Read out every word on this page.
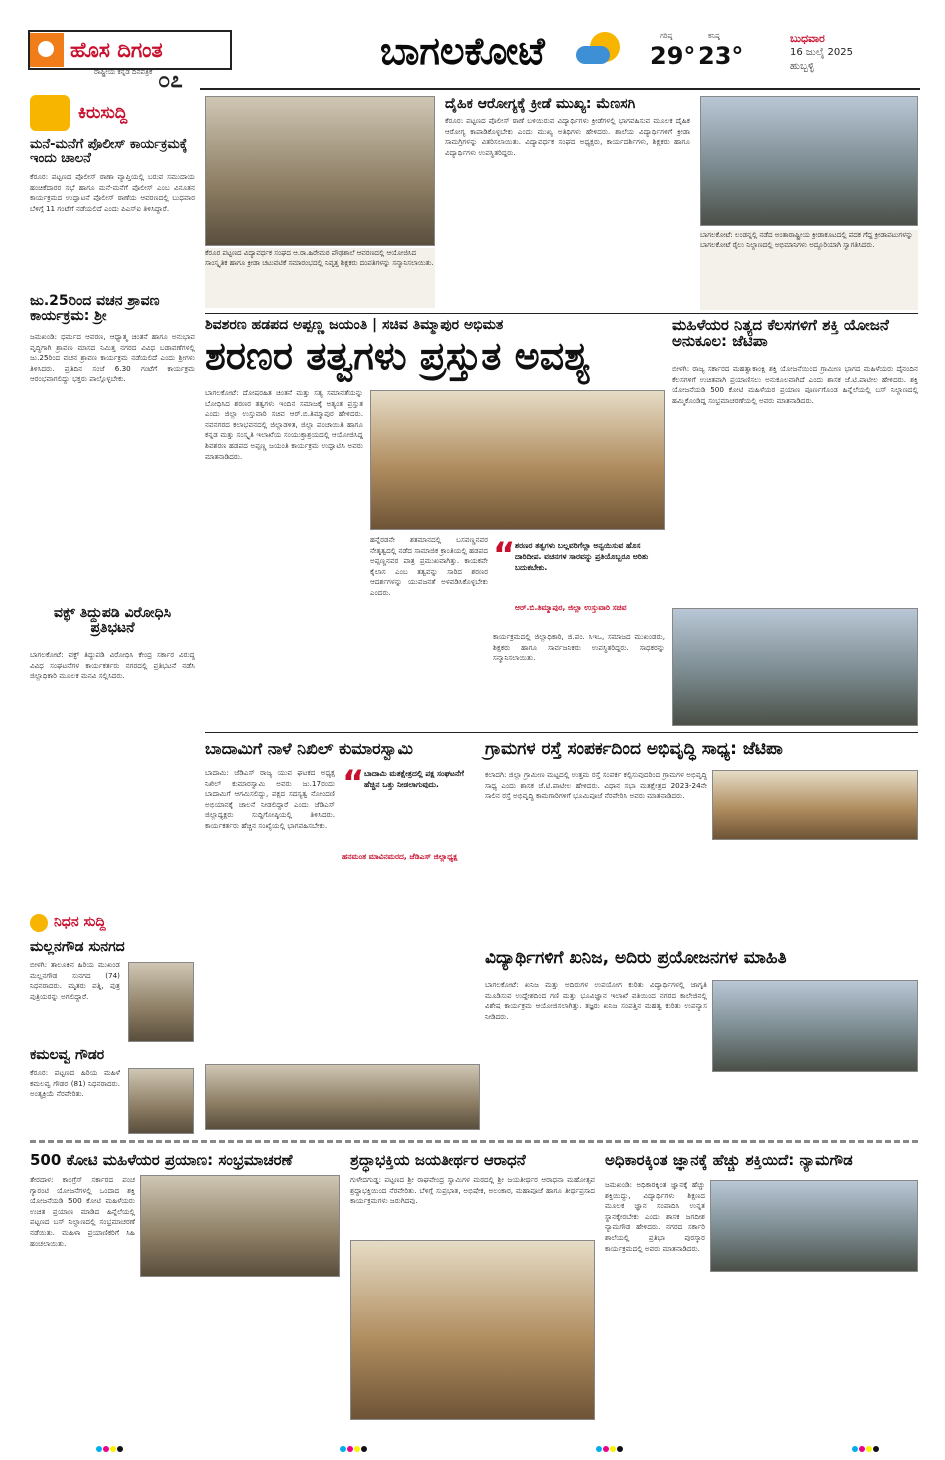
ಹೊಸ ದಿಗಂತ
ರಾಷ್ಟ್ರೀಯ ಕನ್ನಡ ದಿನಪತ್ರಿಕೆ ೦೭
ಬಾಗಲಕೋಟೆ	ಗರಿಷ್ಠ
29°
ಕನಿಷ್ಠ
23°
ಬುಧವಾರ
16 ಜುಲೈ 2025
ಹುಬ್ಬಳ್ಳಿ
ಕಿರುಸುದ್ದಿ
ಮನೆ-ಮನೆಗೆ ಪೊಲೀಸ್ ಕಾರ್ಯಕ್ರಮಕ್ಕೆ ಇಂದು ಚಾಲನೆ
ಕೆರೂರ: ಪಟ್ಟಣದ ಪೊಲೀಸ್ ಠಾಣಾ ವ್ಯಾಪ್ತಿಯಲ್ಲಿ ಬರುವ ಸಮುದಾಯ ಹಂಚಿಕೆದಾರರ ಸಭೆ ಹಾಗೂ ಮನೆ-ಮನೆಗೆ ಪೊಲೀಸ್ ಎಂಬ ವಿನೂತನ ಕಾರ್ಯಕ್ರಮದ ಉದ್ಘಾಟನೆ ಪೊಲೀಸ್ ಠಾಣೆಯ ಆವರಣದಲ್ಲಿ ಬುಧವಾರ ಬೆಳಿಗ್ಗೆ 11 ಗಂಟೆಗೆ ನಡೆಯಲಿದೆ ಎಂದು ಪಿಎಸ್ಐ ತಿಳಿಸಿದ್ದಾರೆ.
ಜು.25ರಿಂದ ವಚನ ಶ್ರಾವಣ ಕಾರ್ಯಕ್ರಮ: ಶ್ರೀ
ಜಮಖಂಡಿ: ಧರ್ಮದ ಆವರಣ, ಆಧ್ಯಾತ್ಮ ಚಿಂತನೆ ಹಾಗೂ ಅನುಭಾವ ವೃದ್ಧಿಗಾಗಿ ಶ್ರಾವಣ ಮಾಸದ ನಿಮಿತ್ತ ನಗರದ ವಿವಿಧ ಬಡಾವಣೆಗಳಲ್ಲಿ ಜು.25ರಿಂದ ವಚನ ಶ್ರಾವಣ ಕಾರ್ಯಕ್ರಮ ನಡೆಯಲಿದೆ ಎಂದು ಶ್ರೀಗಳು ತಿಳಿಸಿದರು. ಪ್ರತಿದಿನ ಸಂಜೆ 6.30 ಗಂಟೆಗೆ ಕಾರ್ಯಕ್ರಮ ಆರಂಭವಾಗಲಿದ್ದು ಭಕ್ತರು ಪಾಲ್ಗೊಳ್ಳಬೇಕು.
ವಕ್ಫ್ ತಿದ್ದುಪಡಿ ವಿರೋಧಿಸಿ ಪ್ರತಿಭಟನೆ
ಬಾಗಲಕೋಟೆ: ವಕ್ಫ್ ತಿದ್ದುಪಡಿ ವಿರೋಧಿಸಿ ಕೇಂದ್ರ ಸರ್ಕಾರ ವಿರುದ್ಧ ವಿವಿಧ ಸಂಘಟನೆಗಳ ಕಾರ್ಯಕರ್ತರು ನಗರದಲ್ಲಿ ಪ್ರತಿಭಟನೆ ನಡೆಸಿ ಜಿಲ್ಲಾಧಿಕಾರಿ ಮೂಲಕ ಮನವಿ ಸಲ್ಲಿಸಿದರು.
ನಿಧನ ಸುದ್ದಿ
ಮಲ್ಲನಗೌಡ ಸುನಗದ
ಬೀಳಗಿ: ತಾಲೂಕಿನ ಹಿರಿಯ ಮುಖಂಡ ಮಲ್ಲನಗೌಡ ಸುನಗದ (74) ನಿಧನರಾದರು. ಮೃತರು ಪತ್ನಿ, ಪುತ್ರ ಪುತ್ರಿಯರನ್ನು ಅಗಲಿದ್ದಾರೆ.
ಕಮಲವ್ವ ಗೌಡರ
ಕೆರೂರ: ಪಟ್ಟಣದ ಹಿರಿಯ ಮಹಿಳೆ ಕಮಲವ್ವ ಗೌಡರ (81) ನಿಧನರಾದರು. ಅಂತ್ಯಕ್ರಿಯೆ ನೆರವೇರಿತು.
ಕೆರೂರ ಪಟ್ಟಣದ ವಿದ್ಯಾವರ್ಧಕ ಸಂಘದ ಆ.ರಾ.ಹಿರೇಮಠ ಪೌಢಶಾಲೆ ಆವರಣದಲ್ಲಿ ಆಯೋಜಿಸಿದ ಸಾಂಸ್ಕೃತಿಕ ಹಾಗೂ ಕ್ರೀಡಾ ಚಟುವಟಿಕೆ ಸಮಾರಂಭದಲ್ಲಿ ನಿವೃತ್ತ ಶಿಕ್ಷಕರು ದಂಪತಿಗಳನ್ನು ಸನ್ಮಾನಿಸಲಾಯಿತು.
ದೈಹಿಕ ಆರೋಗ್ಯಕ್ಕೆ ಕ್ರೀಡೆ ಮುಖ್ಯ: ಮೆಣಸಗಿ
ಕೆರೂರ: ಪಟ್ಟಣದ ಪೊಲೀಸ್ ಠಾಣೆ ಬಳಿಯಿರುವ ವಿದ್ಯಾರ್ಥಿಗಳು ಕ್ರೀಡೆಗಳಲ್ಲಿ ಭಾಗವಹಿಸುವ ಮೂಲಕ ದೈಹಿಕ ಆರೋಗ್ಯ ಕಾಪಾಡಿಕೊಳ್ಳಬೇಕು ಎಂದು ಮುಖ್ಯ ಅತಿಥಿಗಳು ಹೇಳಿದರು. ಶಾಲೆಯ ವಿದ್ಯಾರ್ಥಿಗಳಿಗೆ ಕ್ರೀಡಾ ಸಾಮಗ್ರಿಗಳನ್ನು ವಿತರಿಸಲಾಯಿತು. ವಿದ್ಯಾವರ್ಧಕ ಸಂಘದ ಅಧ್ಯಕ್ಷರು, ಕಾರ್ಯದರ್ಶಿಗಳು, ಶಿಕ್ಷಕರು ಹಾಗೂ ವಿದ್ಯಾರ್ಥಿಗಳು ಉಪಸ್ಥಿತರಿದ್ದರು.
ಬಾಗಲಕೋಟೆ: ಲಂಡನ್ನಲ್ಲಿ ನಡೆದ ಅಂತಾರಾಷ್ಟ್ರೀಯ ಕ್ರೀಡಾಕೂಟದಲ್ಲಿ ಪದಕ ಗೆದ್ದ ಕ್ರೀಡಾಪಟುಗಳನ್ನು ಬಾಗಲಕೋಟೆ ರೈಲು ನಿಲ್ದಾಣದಲ್ಲಿ ಅಭಿಮಾನಿಗಳು ಅದ್ದೂರಿಯಾಗಿ ಸ್ವಾಗತಿಸಿದರು.
ಶಿವಶರಣ ಹಡಪದ ಅಪ್ಪಣ್ಣ ಜಯಂತಿ | ಸಚಿವ ತಿಮ್ಮಾಪುರ ಅಭಿಮತ
ಶರಣರ ತತ್ವಗಳು ಪ್ರಸ್ತುತ ಅವಶ್ಯ
ಬಾಗಲಕೋಟೆ: ದೋಷರಹಿತ ಚಿಂತನೆ ಮತ್ತು ಸತ್ಯ ಸಮಾನತೆಯನ್ನು ಬೋಧಿಸಿದ ಶರಣರ ತತ್ವಗಳು ಇಂದಿನ ಸಮಾಜಕ್ಕೆ ಅತ್ಯಂತ ಪ್ರಸ್ತುತ ಎಂದು ಜಿಲ್ಲಾ ಉಸ್ತುವಾರಿ ಸಚಿವ ಆರ್.ಬಿ.ತಿಮ್ಮಾಪುರ ಹೇಳಿದರು. ನವನಗರದ ಕಲಾಭವನದಲ್ಲಿ ಜಿಲ್ಲಾಡಳಿತ, ಜಿಲ್ಲಾ ಪಂಚಾಯಿತಿ ಹಾಗೂ ಕನ್ನಡ ಮತ್ತು ಸಂಸ್ಕೃತಿ ಇಲಾಖೆಯ ಸಂಯುಕ್ತಾಶ್ರಯದಲ್ಲಿ ಆಯೋಜಿಸಿದ್ದ ಶಿವಶರಣ ಹಡಪದ ಅಪ್ಪಣ್ಣ ಜಯಂತಿ ಕಾರ್ಯಕ್ರಮ ಉದ್ಘಾಟಿಸಿ ಅವರು ಮಾತನಾಡಿದರು.
ಹನ್ನೆರಡನೇ ಶತಮಾನದಲ್ಲಿ ಬಸವಣ್ಣನವರ ನೇತೃತ್ವದಲ್ಲಿ ನಡೆದ ಸಾಮಾಜಿಕ ಕ್ರಾಂತಿಯಲ್ಲಿ ಹಡಪದ ಅಪ್ಪಣ್ಣನವರ ಪಾತ್ರ ಪ್ರಮುಖವಾಗಿತ್ತು. ಕಾಯಕವೇ ಕೈಲಾಸ ಎಂಬ ತತ್ವವನ್ನು ಸಾರಿದ ಶರಣರ ಆದರ್ಶಗಳನ್ನು ಯುವಜನತೆ ಅಳವಡಿಸಿಕೊಳ್ಳಬೇಕು ಎಂದರು.
“ ಶರಣರ ತತ್ವಗಳು ಬಲ್ಲವರಿಗೆಲ್ಲಾ ಅನ್ವಯಿಸುವ ಹೊಸ ದಾರಿದೀಪ. ವಚನಗಳ ಸಾರವನ್ನು ಪ್ರತಿಯೊಬ್ಬರೂ ಅರಿತು ಬದುಕಬೇಕು.
ಆರ್.ಬಿ.ತಿಮ್ಮಾಪುರ, ಜಿಲ್ಲಾ ಉಸ್ತುವಾರಿ ಸಚಿವ
ಕಾರ್ಯಕ್ರಮದಲ್ಲಿ ಜಿಲ್ಲಾಧಿಕಾರಿ, ಜಿ.ಪಂ. ಸಿಇಒ, ಸಮಾಜದ ಮುಖಂಡರು, ಶಿಕ್ಷಕರು ಹಾಗೂ ಸಾರ್ವಜನಿಕರು ಉಪಸ್ಥಿತರಿದ್ದರು. ಸಾಧಕರನ್ನು ಸನ್ಮಾನಿಸಲಾಯಿತು.
ಮಹಿಳೆಯರ ನಿತ್ಯದ ಕೆಲಸಗಳಿಗೆ ಶಕ್ತಿ ಯೋಜನೆ ಅನುಕೂಲ: ಜೆಟಿಪಾ
ಬೀಳಗಿ: ರಾಜ್ಯ ಸರ್ಕಾರದ ಮಹತ್ವಾಕಾಂಕ್ಷಿ ಶಕ್ತಿ ಯೋಜನೆಯಿಂದ ಗ್ರಾಮೀಣ ಭಾಗದ ಮಹಿಳೆಯರು ದೈನಂದಿನ ಕೆಲಸಗಳಿಗೆ ಉಚಿತವಾಗಿ ಪ್ರಯಾಣಿಸಲು ಅನುಕೂಲವಾಗಿದೆ ಎಂದು ಶಾಸಕ ಜೆ.ಟಿ.ಪಾಟೀಲ ಹೇಳಿದರು. ಶಕ್ತಿ ಯೋಜನೆಯಡಿ 500 ಕೋಟಿ ಮಹಿಳೆಯರ ಪ್ರಯಾಣ ಪೂರ್ಣಗೊಂಡ ಹಿನ್ನೆಲೆಯಲ್ಲಿ ಬಸ್ ನಿಲ್ದಾಣದಲ್ಲಿ ಹಮ್ಮಿಕೊಂಡಿದ್ದ ಸಂಭ್ರಮಾಚರಣೆಯಲ್ಲಿ ಅವರು ಮಾತನಾಡಿದರು.
ಬಾದಾಮಿಗೆ ನಾಳೆ ನಿಖಿಲ್ ಕುಮಾರಸ್ವಾಮಿ
ಬಾದಾಮಿ: ಜೆಡಿಎಸ್ ರಾಜ್ಯ ಯುವ ಘಟಕದ ಅಧ್ಯಕ್ಷ ನಿಖಿಲ್ ಕುಮಾರಸ್ವಾಮಿ ಅವರು ಜು.17ರಂದು ಬಾದಾಮಿಗೆ ಆಗಮಿಸಲಿದ್ದು, ಪಕ್ಷದ ಸದಸ್ಯತ್ವ ನೋಂದಣಿ ಅಭಿಯಾನಕ್ಕೆ ಚಾಲನೆ ನೀಡಲಿದ್ದಾರೆ ಎಂದು ಜೆಡಿಎಸ್ ಜಿಲ್ಲಾಧ್ಯಕ್ಷರು ಸುದ್ದಿಗೋಷ್ಠಿಯಲ್ಲಿ ತಿಳಿಸಿದರು. ಕಾರ್ಯಕರ್ತರು ಹೆಚ್ಚಿನ ಸಂಖ್ಯೆಯಲ್ಲಿ ಭಾಗವಹಿಸಬೇಕು.
“ ಬಾದಾಮಿ ಮತಕ್ಷೇತ್ರದಲ್ಲಿ ಪಕ್ಷ ಸಂಘಟನೆಗೆ ಹೆಚ್ಚಿನ ಒತ್ತು ನೀಡಲಾಗುವುದು.
ಹನಮಂತ ಮಾವಿನಮರದ, ಜೆಡಿಎಸ್ ಜಿಲ್ಲಾಧ್ಯಕ್ಷ
ಗ್ರಾಮಗಳ ರಸ್ತೆ ಸಂಪರ್ಕದಿಂದ ಅಭಿವೃದ್ಧಿ ಸಾಧ್ಯ: ಜೆಟಿಪಾ
ಕಲಾದಗಿ: ಜಿಲ್ಲಾ ಗ್ರಾಮೀಣ ಮಟ್ಟದಲ್ಲಿ ಉತ್ತಮ ರಸ್ತೆ ಸಂಪರ್ಕ ಕಲ್ಪಿಸುವುದರಿಂದ ಗ್ರಾಮಗಳ ಅಭಿವೃದ್ಧಿ ಸಾಧ್ಯ ಎಂದು ಶಾಸಕ ಜೆ.ಟಿ.ಪಾಟೀಲ ಹೇಳಿದರು. ವಿಧಾನ ಸಭಾ ಮತಕ್ಷೇತ್ರದ 2023-24ನೇ ಸಾಲಿನ ರಸ್ತೆ ಅಭಿವೃದ್ಧಿ ಕಾಮಗಾರಿಗಳಿಗೆ ಭೂಮಿಪೂಜೆ ನೆರವೇರಿಸಿ ಅವರು ಮಾತನಾಡಿದರು.
ವಿದ್ಯಾರ್ಥಿಗಳಿಗೆ ಖನಿಜ, ಅದಿರು ಪ್ರಯೋಜನಗಳ ಮಾಹಿತಿ
ಬಾಗಲಕೋಟೆ: ಖನಿಜ ಮತ್ತು ಅದಿರುಗಳ ಉಪಯೋಗ ಕುರಿತು ವಿದ್ಯಾರ್ಥಿಗಳಲ್ಲಿ ಜಾಗೃತಿ ಮೂಡಿಸುವ ಉದ್ದೇಶದಿಂದ ಗಣಿ ಮತ್ತು ಭೂವಿಜ್ಞಾನ ಇಲಾಖೆ ವತಿಯಿಂದ ನಗರದ ಕಾಲೇಜಿನಲ್ಲಿ ವಿಶೇಷ ಕಾರ್ಯಕ್ರಮ ಆಯೋಜಿಸಲಾಗಿತ್ತು. ತಜ್ಞರು ಖನಿಜ ಸಂಪತ್ತಿನ ಮಹತ್ವ ಕುರಿತು ಉಪನ್ಯಾಸ ನೀಡಿದರು.
500 ಕೋಟಿ ಮಹಿಳೆಯರ ಪ್ರಯಾಣ: ಸಂಭ್ರಮಾಚರಣೆ
ತೇರದಾಳ: ಕಾಂಗ್ರೆಸ್ ಸರ್ಕಾರದ ಪಂಚ ಗ್ಯಾರಂಟಿ ಯೋಜನೆಗಳಲ್ಲಿ ಒಂದಾದ ಶಕ್ತಿ ಯೋಜನೆಯಡಿ 500 ಕೋಟಿ ಮಹಿಳೆಯರು ಉಚಿತ ಪ್ರಯಾಣ ಮಾಡಿದ ಹಿನ್ನೆಲೆಯಲ್ಲಿ ಪಟ್ಟಣದ ಬಸ್ ನಿಲ್ದಾಣದಲ್ಲಿ ಸಂಭ್ರಮಾಚರಣೆ ನಡೆಯಿತು. ಮಹಿಳಾ ಪ್ರಯಾಣಿಕರಿಗೆ ಸಿಹಿ ಹಂಚಲಾಯಿತು.
ಶ್ರದ್ಧಾಭಕ್ತಿಯ ಜಯತೀರ್ಥರ ಆರಾಧನೆ
ಗುಳೇದಗುಡ್ಡ: ಪಟ್ಟಣದ ಶ್ರೀ ರಾಘವೇಂದ್ರ ಸ್ವಾಮಿಗಳ ಮಠದಲ್ಲಿ ಶ್ರೀ ಜಯತೀರ್ಥರ ಆರಾಧನಾ ಮಹೋತ್ಸವ ಶ್ರದ್ಧಾಭಕ್ತಿಯಿಂದ ನೆರವೇರಿತು. ಬೆಳಿಗ್ಗೆ ಸುಪ್ರಭಾತ, ಅಭಿಷೇಕ, ಅಲಂಕಾರ, ಮಹಾಪೂಜೆ ಹಾಗೂ ತೀರ್ಥಪ್ರಸಾದ ಕಾರ್ಯಕ್ರಮಗಳು ಜರುಗಿದವು.
ಅಧಿಕಾರಕ್ಕಿಂತ ಜ್ಞಾನಕ್ಕೆ ಹೆಚ್ಚು ಶಕ್ತಿಯಿದೆ: ನ್ಯಾಮಗೌಡ
ಜಮಖಂಡಿ: ಅಧಿಕಾರಕ್ಕಿಂತ ಜ್ಞಾನಕ್ಕೆ ಹೆಚ್ಚು ಶಕ್ತಿಯಿದ್ದು, ವಿದ್ಯಾರ್ಥಿಗಳು ಶಿಕ್ಷಣದ ಮೂಲಕ ಜ್ಞಾನ ಸಂಪಾದಿಸಿ ಉನ್ನತ ಸ್ಥಾನಕ್ಕೇರಬೇಕು ಎಂದು ಶಾಸಕ ಜಗದೀಶ ನ್ಯಾಮಗೌಡ ಹೇಳಿದರು. ನಗರದ ಸರ್ಕಾರಿ ಶಾಲೆಯಲ್ಲಿ ಪ್ರತಿಭಾ ಪುರಸ್ಕಾರ ಕಾರ್ಯಕ್ರಮದಲ್ಲಿ ಅವರು ಮಾತನಾಡಿದರು.
